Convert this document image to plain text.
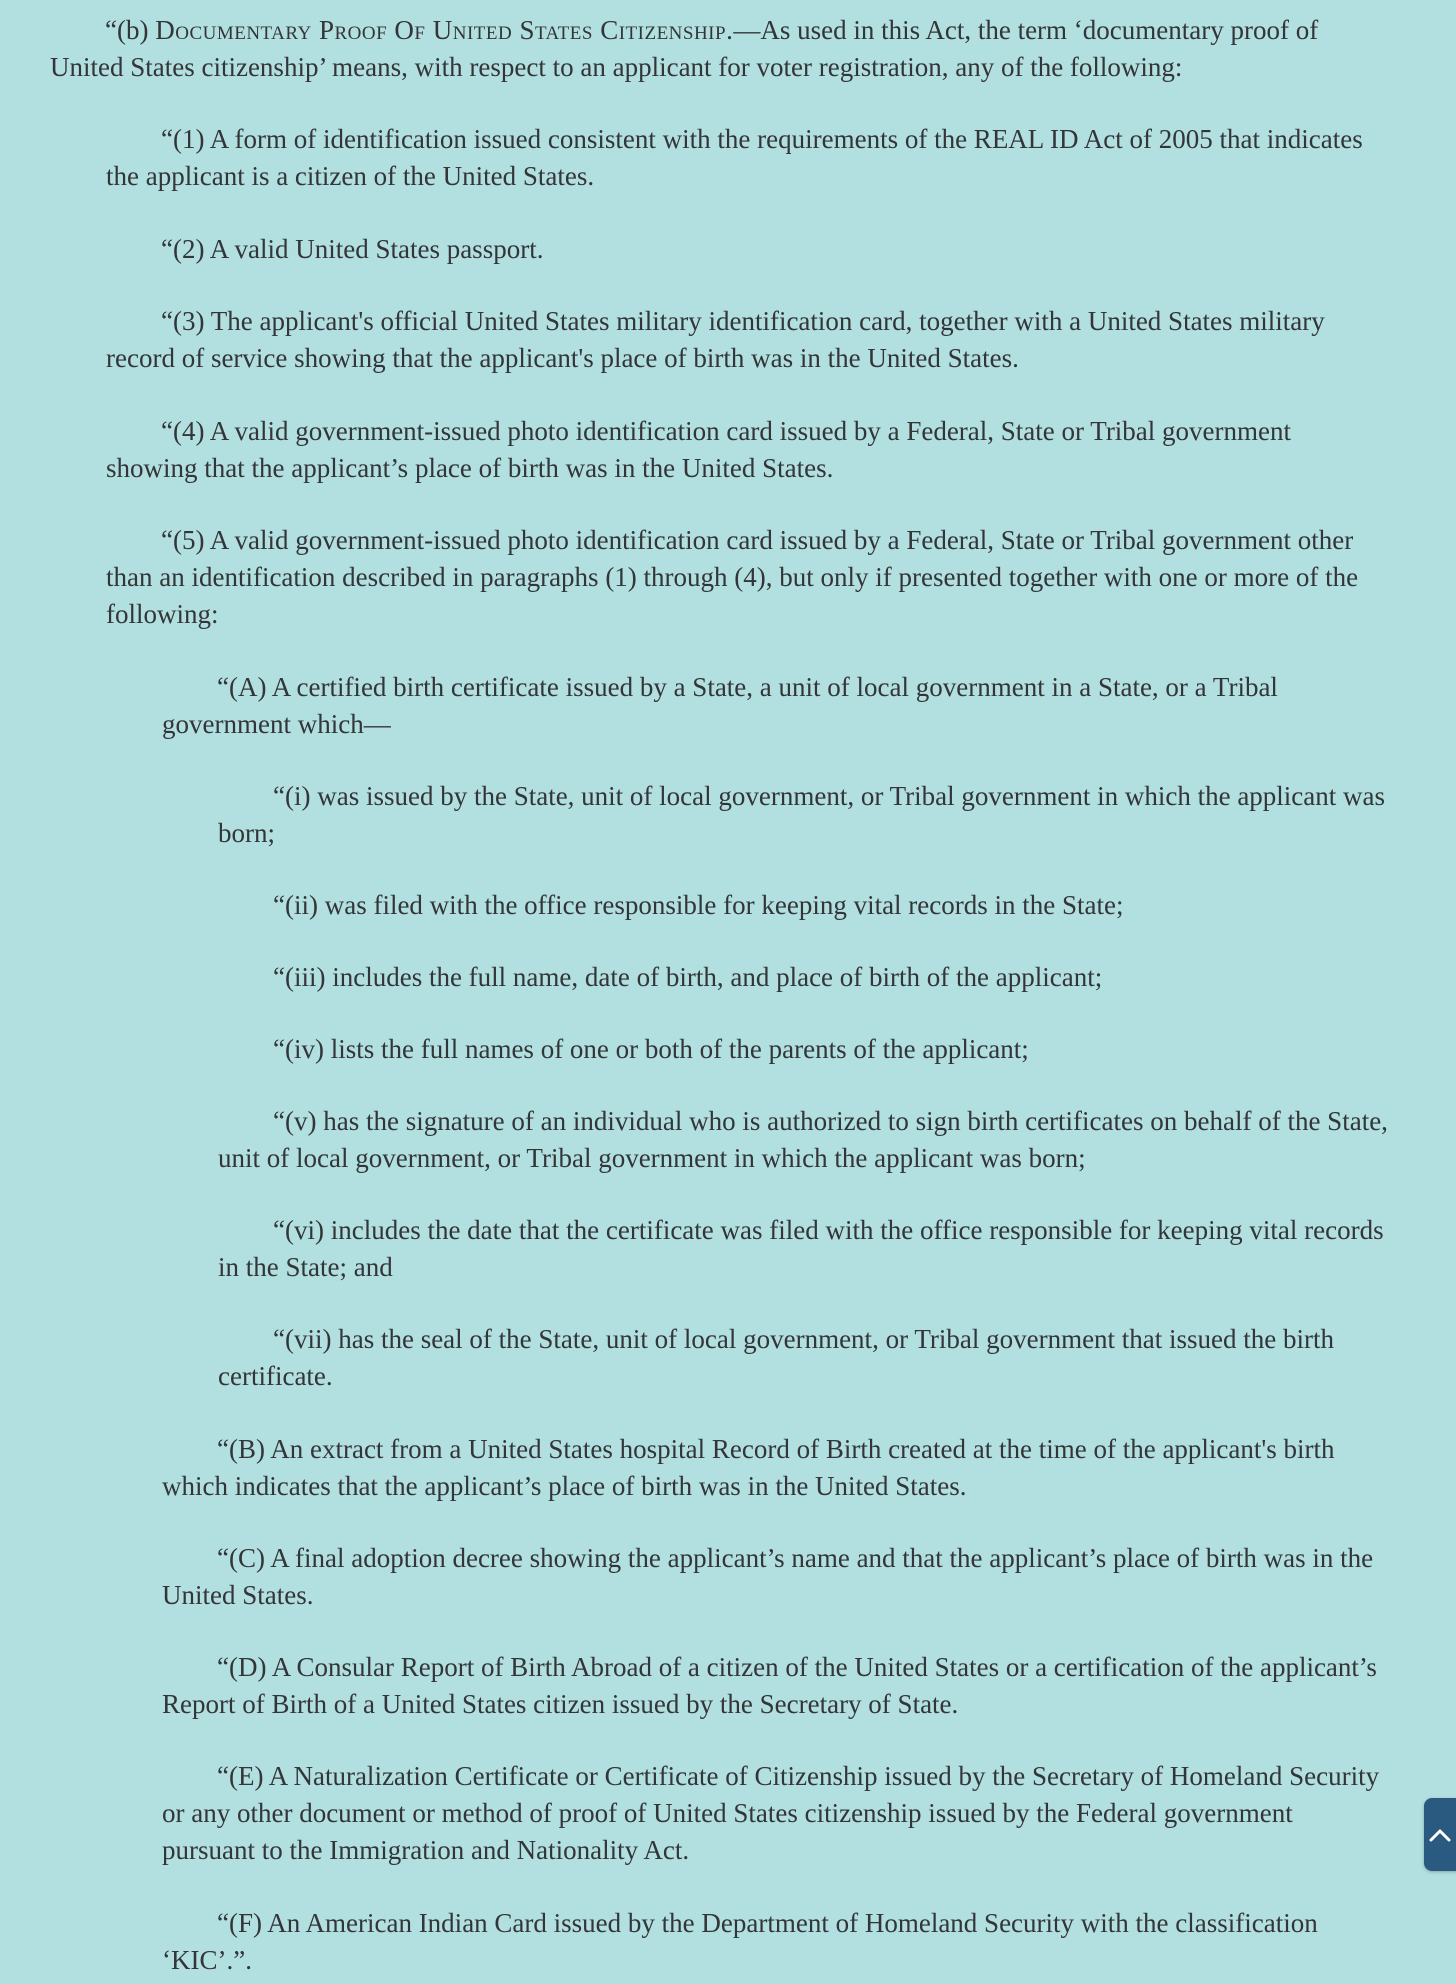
“(b) Documentary Proof Of United States Citizenship.—As used in this Act, the term ‘documentary proof of
United States citizenship’ means, with respect to an applicant for voter registration, any of the following:

“(1) A form of identification issued consistent with the requirements of the REAL ID Act of 2005 that indicates
the applicant is a citizen of the United States.

“(2) A valid United States passport.

“(3) The applicant's official United States military identification card, together with a United States military
record of service showing that the applicant's place of birth was in the United States.

“(4) A valid government-issued photo identification card issued by a Federal, State or Tribal government
showing that the applicant’s place of birth was in the United States.

“(5) A valid government-issued photo identification card issued by a Federal, State or Tribal government other
than an identification described in paragraphs (1) through (4), but only if presented together with one or more of the
following:

“(A) A certified birth certificate issued by a State, a unit of local government in a State, or a Tribal
government which—

“(i) was issued by the State, unit of local government, or Tribal government in which the applicant was
born;

“(ii) was filed with the office responsible for keeping vital records in the State;

“(iii) includes the full name, date of birth, and place of birth of the applicant;

“(iv) lists the full names of one or both of the parents of the applicant;

“(v) has the signature of an individual who is authorized to sign birth certificates on behalf of the State,
unit of local government, or Tribal government in which the applicant was born;

“(vi) includes the date that the certificate was filed with the office responsible for keeping vital records
in the State; and

“(vii) has the seal of the State, unit of local government, or Tribal government that issued the birth
certificate.

“(B) An extract from a United States hospital Record of Birth created at the time of the applicant's birth
which indicates that the applicant’s place of birth was in the United States.

“(C) A final adoption decree showing the applicant’s name and that the applicant’s place of birth was in the
United States.

“(D) A Consular Report of Birth Abroad of a citizen of the United States or a certification of the applicant’s
Report of Birth of a United States citizen issued by the Secretary of State.

“(E) A Naturalization Certificate or Certificate of Citizenship issued by the Secretary of Homeland Security
or any other document or method of proof of United States citizenship issued by the Federal government
pursuant to the Immigration and Nationality Act.

“(F) An American Indian Card issued by the Department of Homeland Security with the classification
‘KIC’.”.
